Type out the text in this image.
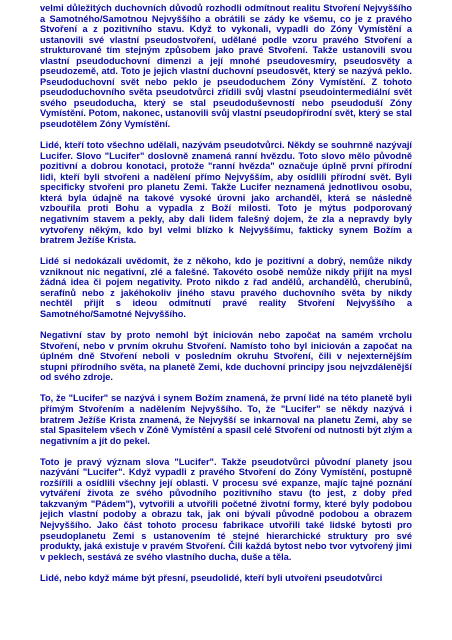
velmi důležitých duchovních důvodů rozhodli odmítnout realitu Stvoření Nejvyššího a Samotného/Samotnou Nejvyššího a obrátili se zády ke všemu, co je z pravého Stvoření a z pozitivního stavu. Když to vykonali, vypadli do Zóny Vymístění a ustanovili své vlastní pseudostvoření, udělané podle vzoru pravého Stvoření a strukturované tím stejným způsobem jako pravé Stvoření. Takže ustanovili svou vlastní pseudoduchovní dimenzi a její mnohé pseudovesmíry, pseudosvěty a pseudozemě, atd. Toto je jejich vlastní duchovní pseudosvět, který se nazývá peklo. Pseudoduchovní svět nebo peklo je pseudoduchem Zóny Vymístění. Z tohoto pseudoduchovního světa pseudotvůrci zřídili svůj vlastní pseudointermediální svět svého pseudoducha, který se stal pseudoduševností nebo pseudoduší Zóny Vymístění. Potom, nakonec, ustanovili svůj vlastní pseudopřírodní svět, který se stal pseudotělem Zóny Vymístění.

Lidé, kteří toto všechno udělali, nazývám pseudotvůrci. Někdy se souhrnně nazývají Lucifer. Slovo "Lucifer" doslovně znamená ranní hvězdu. Toto slovo mělo původně pozitivní a dobrou konotaci, protože "ranní hvězda" označuje úplně první přírodní lidi, kteří byli stvořeni a nadělení přímo Nejvyšším, aby osídlili přírodní svět. Byli specificky stvořeni pro planetu Zemi. Takže Lucifer neznamená jednotlivou osobu, která byla údajně na takové vysoké úrovni jako archanděl, která se následně vzbouřila proti Bohu a vypadla z Boží milosti. Toto je mýtus podporovaný negativním stavem a pekly, aby dali lidem falešný dojem, že zla a nepravdy byly vytvořeny někým, kdo byl velmi blízko k Nejvyššímu, fakticky synem Božím a bratrem Ježíše Krista.

Lidé si nedokázali uvědomit, že z někoho, kdo je pozitivní a dobrý, nemůže nikdy vzniknout nic negativní, zlé a falešné. Takovéto osobě nemůže nikdy přijít na mysl žádná idea či pojem negativity. Proto nikdo z řad andělů, archandělů, cherubínů, serafínů nebo z jakéhokoliv jiného stavu pravého duchovního světa by nikdy nechtěl přijít s ideou odmítnutí pravé reality Stvoření Nejvyššího a Samotného/Samotné Nejvyššího.

Negativní stav by proto nemohl být iniciován nebo započat na samém vrcholu Stvoření, nebo v prvním okruhu Stvoření. Namísto toho byl iniciován a započat na úplném dně Stvoření neboli v posledním okruhu Stvoření, čili v nejexternějším stupni přírodního světa, na planetě Zemi, kde duchovní principy jsou nejvzdálenější od svého zdroje.

To, že "Lucifer" se nazývá i synem Božím znamená, že první lidé na této planetě byli přímým Stvořením a nadělením Nejvyššího. To, že "Lucifer" se někdy nazývá i bratrem Ježíše Krista znamená, že Nejvyšší se inkarnoval na planetu Zemi, aby se stal Spasitelem všech v Zóně Vymístění a spasil celé Stvoření od nutnosti být zlým a negativním a jít do pekel.

Toto je pravý význam slova "Lucifer". Takže pseudotvůrci původní planety jsou nazývání "Lucifer". Když vypadli z pravého Stvoření do Zóny Vymístění, postupně rozšířili a osídlili všechny její oblasti. V procesu své expanze, majíc tajné poznání vytváření života ze svého původního pozitivního stavu (to jest, z doby před takzvaným "Pádem"), vytvořili a utvořili početné životní formy, které byly podobou jejich vlastní podoby a obrazu tak, jak oni bývali původně podobou a obrazem Nejvyššího. Jako část tohoto procesu fabrikace utvořili také lidské bytosti pro pseudoplanetu Zemi s ustanovením té stejné hierarchické struktury pro své produkty, jaká existuje v pravém Stvoření. Čili každá bytost nebo tvor vytvořený jimi v peklech, sestává ze svého vlastního ducha, duše a těla.

Lidé, nebo když máme být přesní, pseudolidé, kteří byli utvořeni pseudotvůrci
